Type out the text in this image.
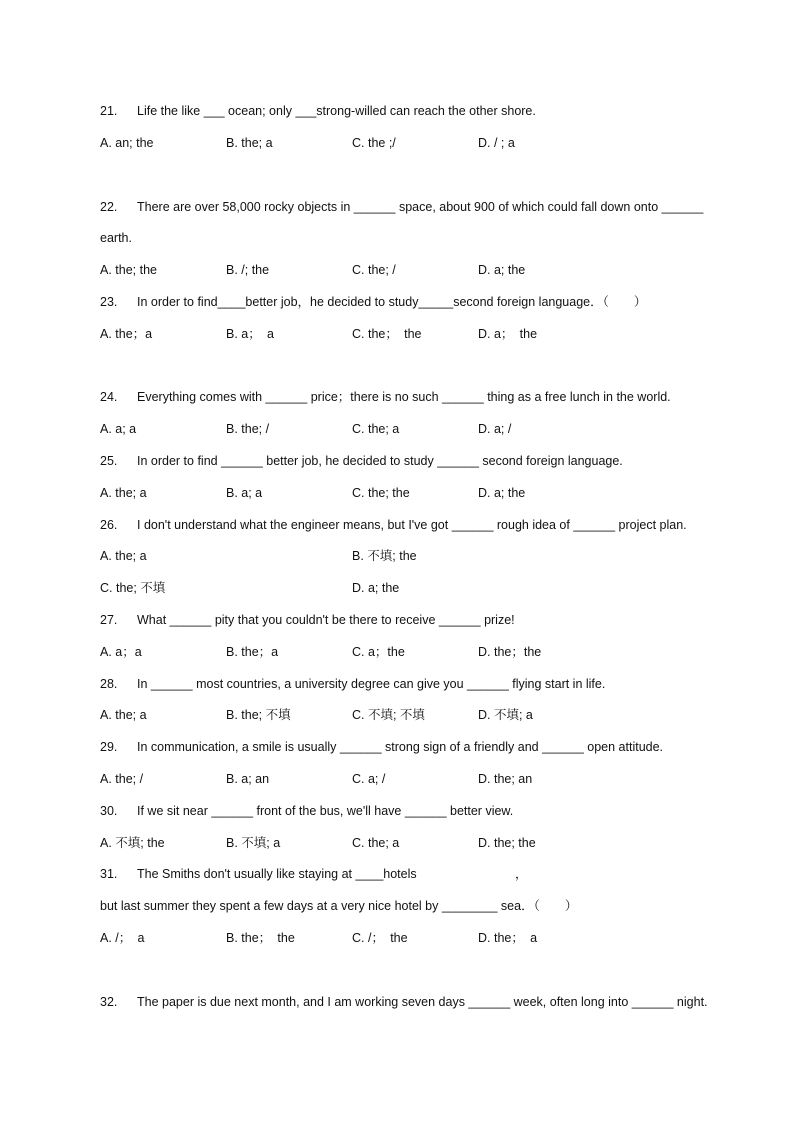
21. Life the like ___ ocean; only ___strong-willed can reach the other shore.
A. an; the	B. the; a	C. the ;/	D. / ; a
22. There are over 58,000 rocky objects in ______ space, about 900 of which could fall down onto ______
earth.
A. the; the	B. /; the	C. the; /	D. a; the
23. In order to find____better job，he decided to study_____second foreign language．（　　）
A. the；a	B. a；　a	C. the；　the	D. a；　the
24. Everything comes with ______ price；there is no such ______ thing as a free lunch in the world.
A. a; a	B. the; /	C. the; a	D. a; /
25. In order to find ______ better job, he decided to study ______ second foreign language.
A. the; a	B. a; a	C. the; the	D. a; the
26. I don't understand what the engineer means, but I've got ______ rough idea of ______ project plan.
A. the; a	B. 不填; the
C. the; 不填	D. a; the
27. What ______ pity that you couldn't be there to receive ______ prize!
A. a；a	B. the；a	C. a；the	D. the；the
28. In ______ most countries, a university degree can give you ______ flying start in life.
A. the; a	B. the; 不填	C. 不填; 不填	D. 不填; a
29. In communication, a smile is usually ______ strong sign of a friendly and ______ open attitude.
A. the; /	B. a; an	C. a; /	D. the; an
30. If we sit near ______ front of the bus, we'll have ______ better view.
A. 不填; the	B. 不填; a	C. the; a	D. the; the
31. The Smiths don't usually like staying at ____hotels	，
but last summer they spent a few days at a very nice hotel by ________ sea．（　　）
A. /；　a	B. the；　the	C. /；　the	D. the；　a
32. The paper is due next month, and I am working seven days ______ week, often long into ______ night.
